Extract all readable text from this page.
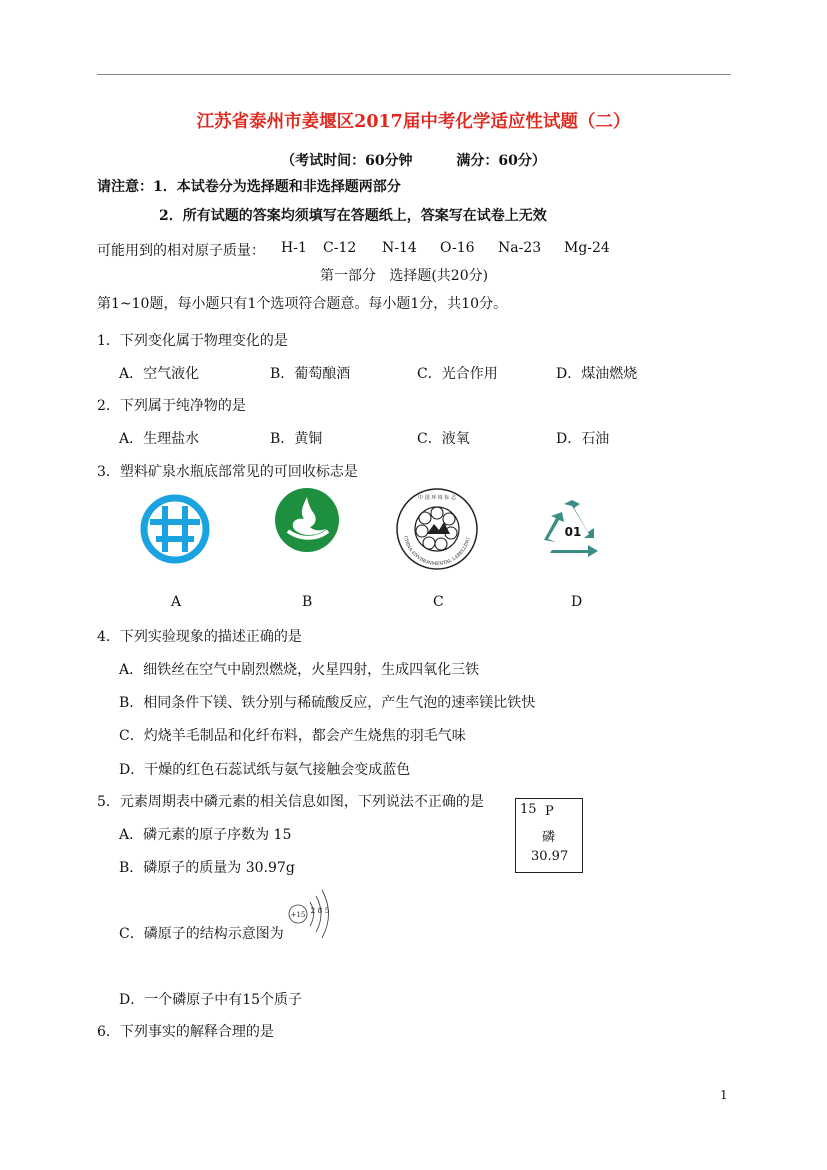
江苏省泰州市姜堰区2017届中考化学适应性试题（二）
（考试时间：60分钟         满分：60分）
请注意：1．本试卷分为选择题和非选择题两部分
2．所有试题的答案均须填写在答题纸上，答案写在试卷上无效
可能用到的相对原子质量： H-1 C-12 N-14 O-16 Na-23 Mg-24
第一部分   选择题(共20分)
第1~10题，每小题只有1个选项符合题意。每小题1分，共10分。
1．下列变化属于物理变化的是
A．空气液化	B．葡萄酿酒	C．光合作用	D．煤油燃烧
2．下列属于纯净物的是
A．生理盐水	B．黄铜	C．液氧	D．石油
3．塑料矿泉水瓶底部常见的可回收标志是
中 国 环 境 标 志
CHINA ENVIRONMENTAL LABELLING
01
A	B	C	D
4．下列实验现象的描述正确的是
A．细铁丝在空气中剧烈燃烧，火星四射，生成四氧化三铁
B．相同条件下镁、铁分别与稀硫酸反应，产生气泡的速率镁比铁快
C．灼烧羊毛制品和化纤布料，都会产生烧焦的羽毛气味
D．干燥的红色石蕊试纸与氨气接触会变成蓝色
5．元素周期表中磷元素的相关信息如图，下列说法不正确的是
A．磷元素的原子序数为 15
B．磷原子的质量为 30.97g
C．磷原子的结构示意图为
D．一个磷原子中有15个质子
15 P
磷
30.97
+15 2 8 5
6．下列事实的解释合理的是
1
